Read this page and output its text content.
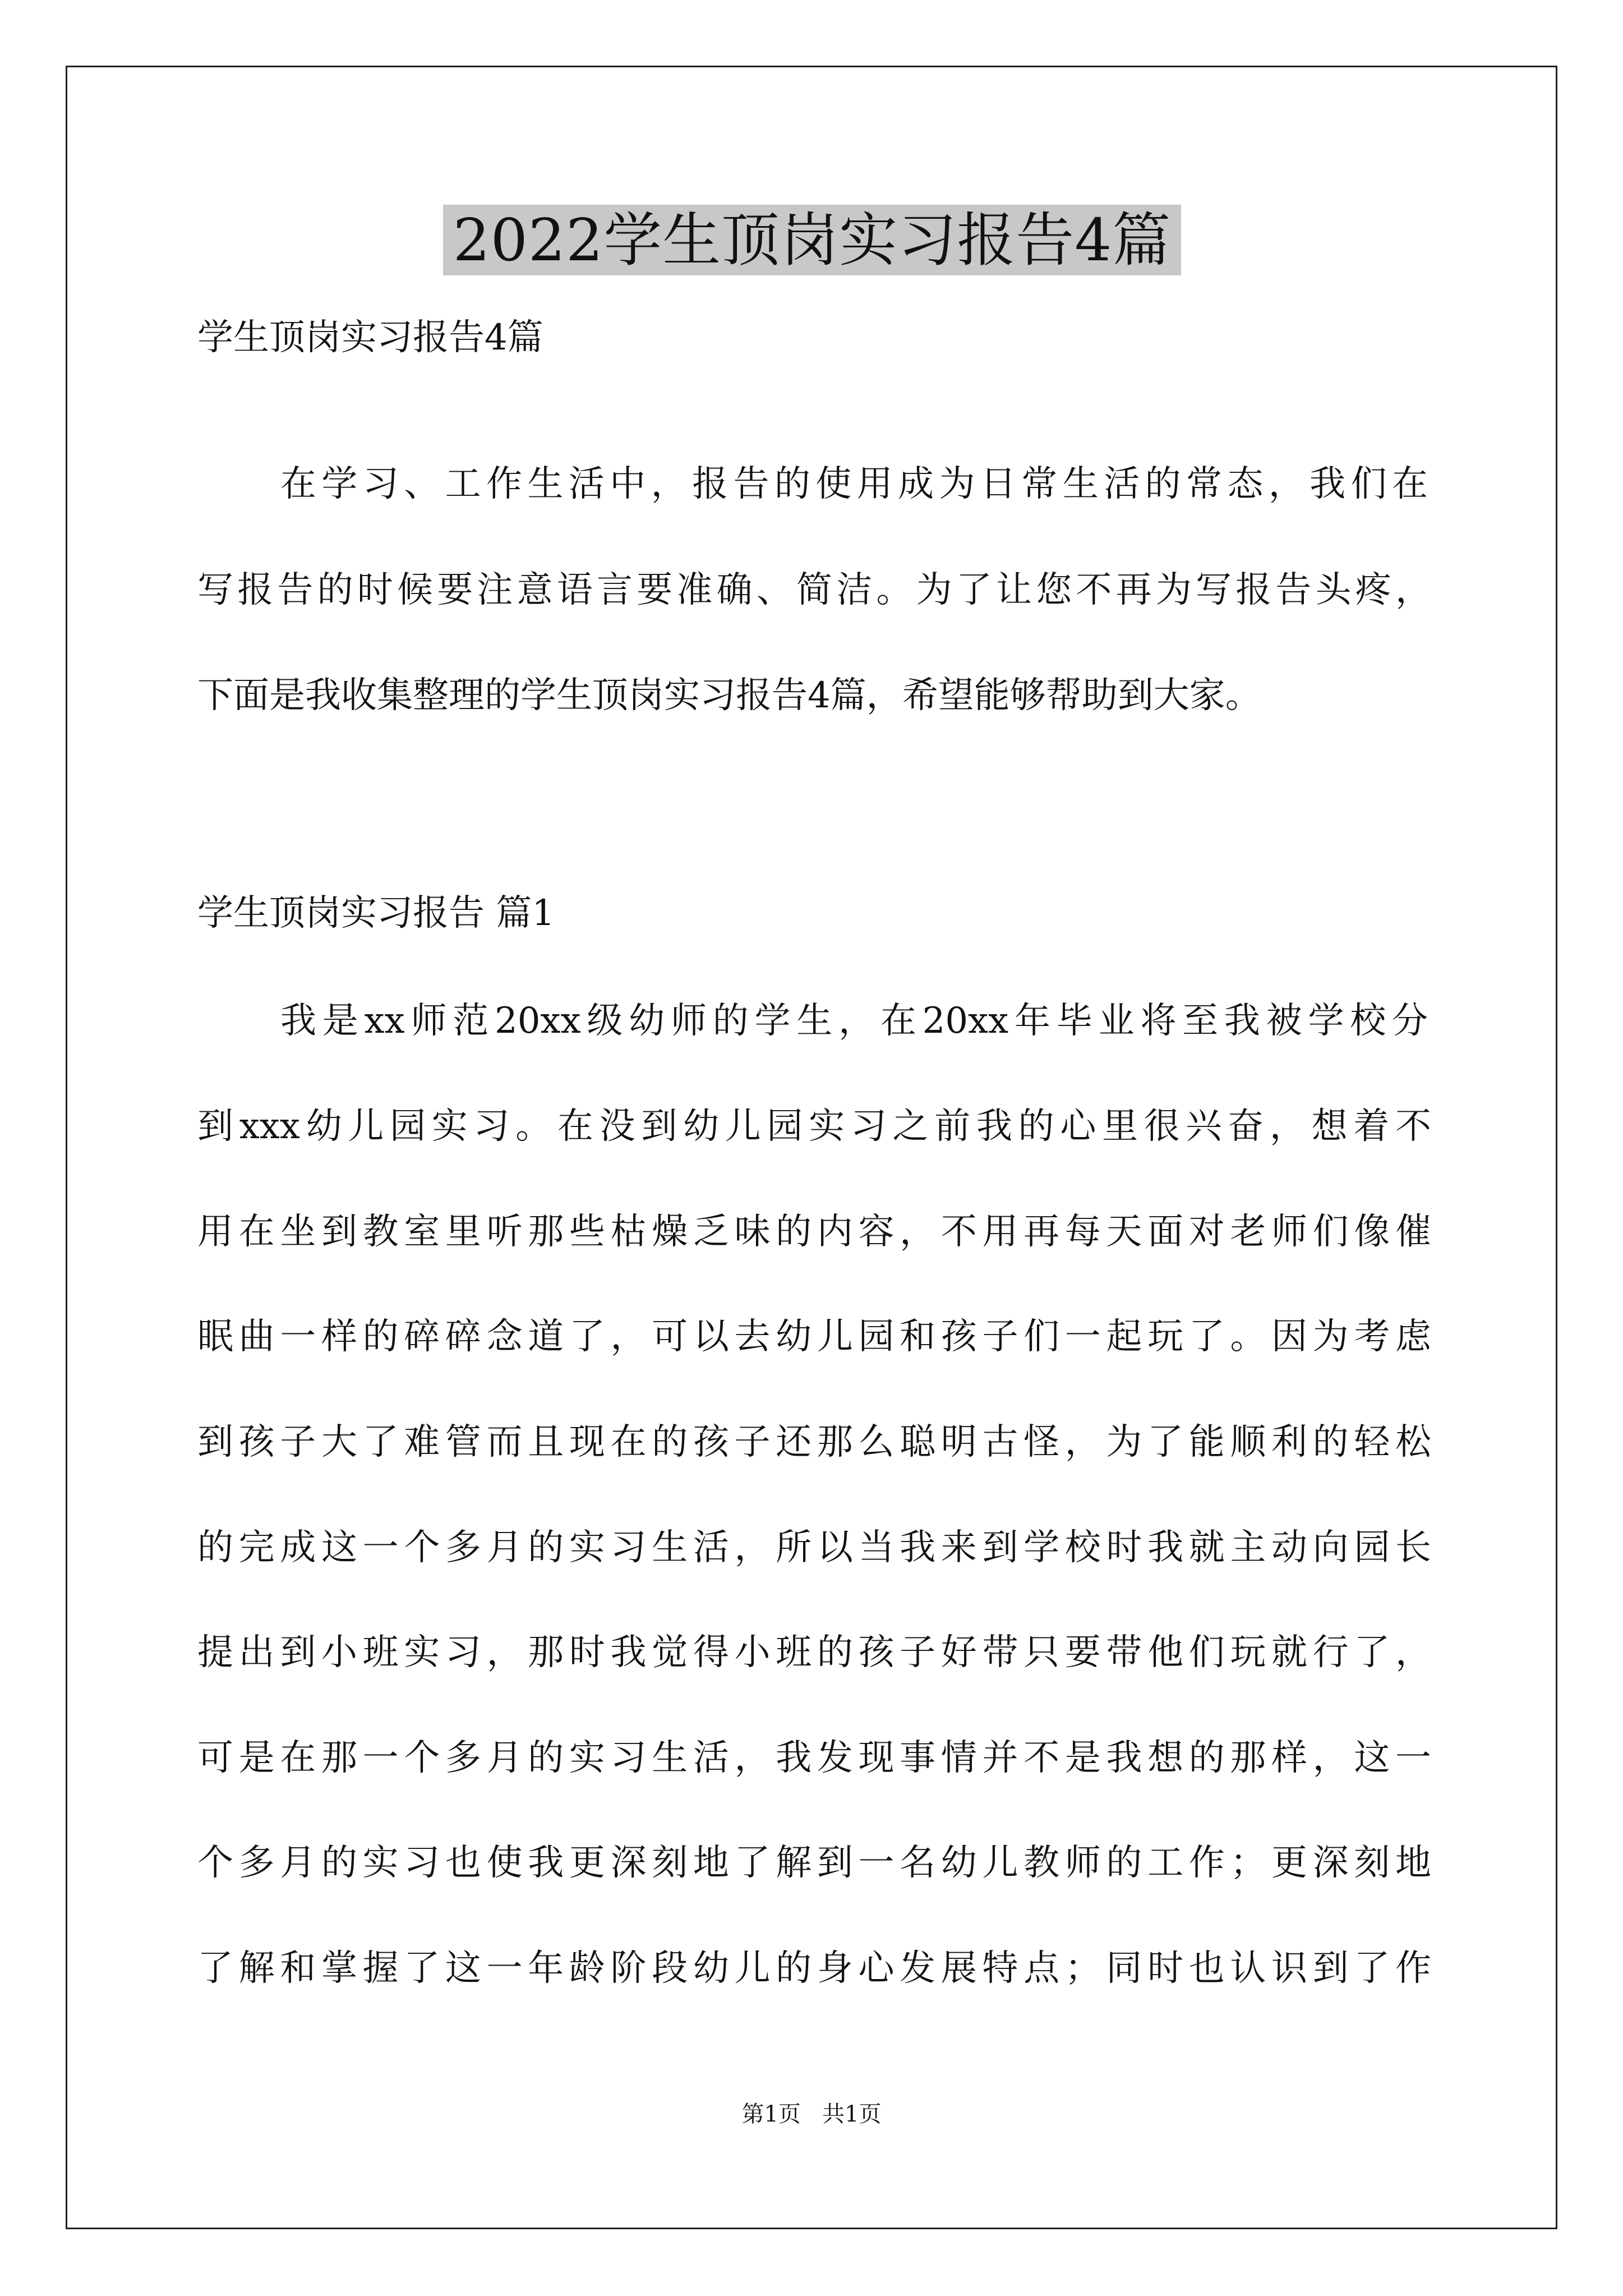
2022学生顶岗实习报告4篇
学生顶岗实习报告4篇
在学习、工作生活中，报告的使用成为日常生活的常态，我们在
写报告的时候要注意语言要准确、简洁。为了让您不再为写报告头疼，
下面是我收集整理的学生顶岗实习报告4篇，希望能够帮助到大家。
学生顶岗实习报告 篇1
我是xx师范20xx级幼师的学生，在20xx年毕业将至我被学校分
到xxx幼儿园实习。在没到幼儿园实习之前我的心里很兴奋，想着不
用在坐到教室里听那些枯燥乏味的内容，不用再每天面对老师们像催
眠曲一样的碎碎念道了，可以去幼儿园和孩子们一起玩了。因为考虑
到孩子大了难管而且现在的孩子还那么聪明古怪，为了能顺利的轻松
的完成这一个多月的实习生活，所以当我来到学校时我就主动向园长
提出到小班实习，那时我觉得小班的孩子好带只要带他们玩就行了，
可是在那一个多月的实习生活，我发现事情并不是我想的那样，这一
个多月的实习也使我更深刻地了解到一名幼儿教师的工作；更深刻地
了解和掌握了这一年龄阶段幼儿的身心发展特点；同时也认识到了作
第1页   共1页
